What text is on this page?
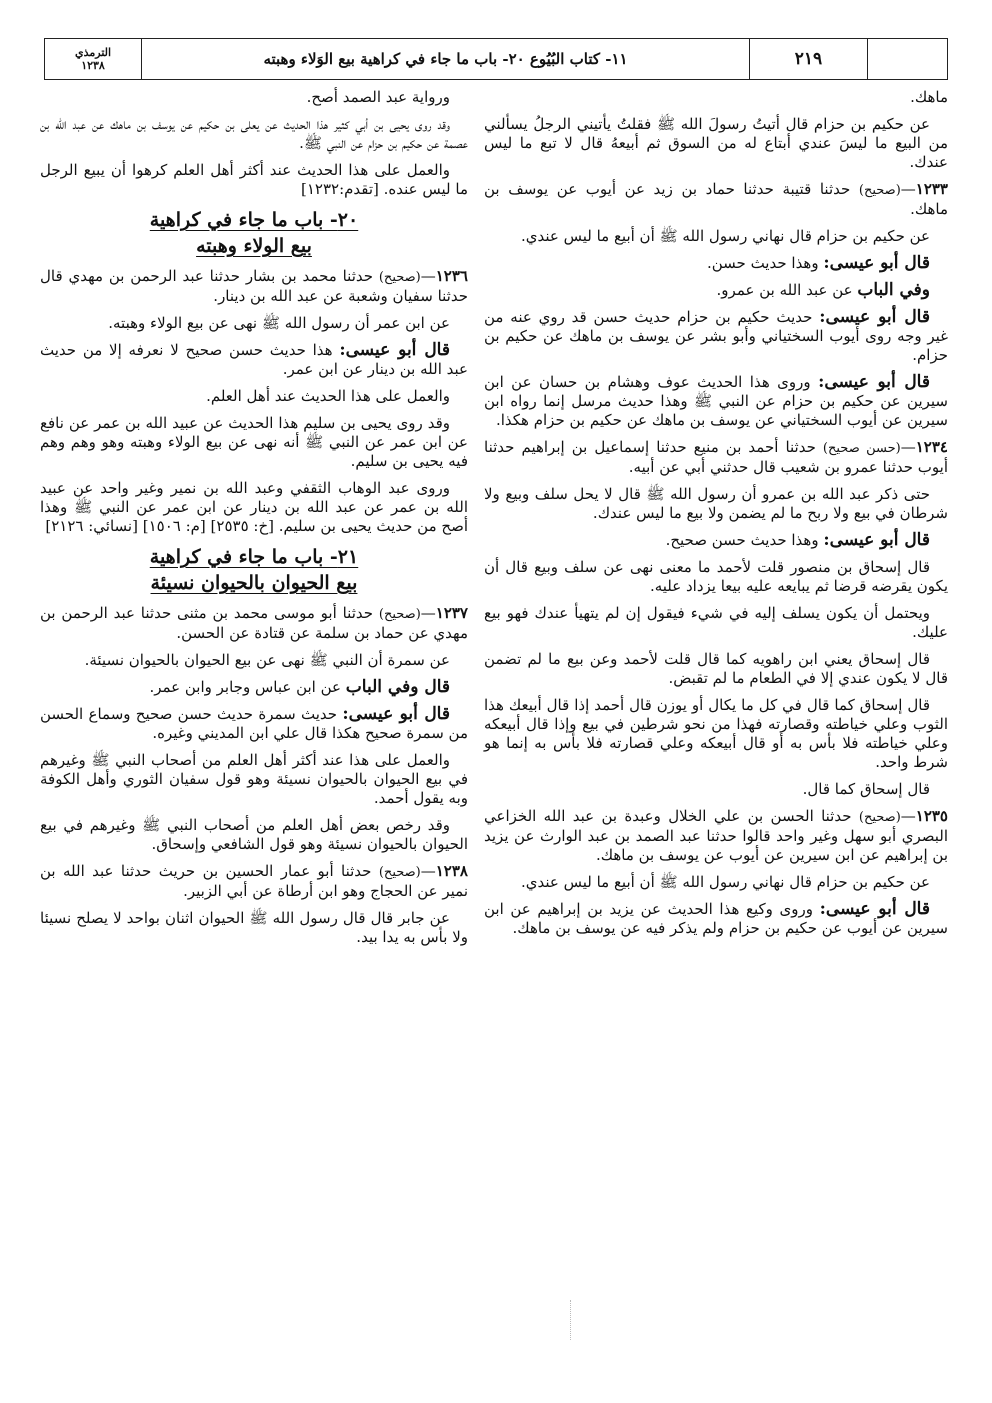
٢١٩
١١- كتاب البُيُوع ٢٠- باب ما جاء في كراهية بيع الوَلاء وهبته
الترمذي
١٢٣٨

ماهك.

عن حكيم بن حزام قال أتيتُ رسولَ الله ﷺ فقلتُ يأتيني الرجلُ يسألني من البيع ما ليسَ عندي أبتاع له من السوق ثم أبيعهُ قال لا تبع ما ليس عندك.

١٢٣٣—(صحيح) حدثنا قتيبة حدثنا حماد بن زيد عن أيوب عن يوسف بن ماهك.

عن حكيم بن حزام قال نهاني رسول الله ﷺ أن أبيع ما ليس عندي.

قال أبو عيسى: وهذا حديث حسن.

وفي الباب عن عبد الله بن عمرو.

قال أبو عيسى: حديث حكيم بن حزام حديث حسن قد روي عنه من غير وجه روى أيوب السختياني وأبو بشر عن يوسف بن ماهك عن حكيم بن حزام.

قال أبو عيسى: وروى هذا الحديث عوف وهشام بن حسان عن ابن سيرين عن حكيم بن حزام عن النبي ﷺ وهذا حديث مرسل إنما رواه ابن سيرين عن أيوب السختياني عن يوسف بن ماهك عن حكيم بن حزام هكذا.

١٢٣٤—(حسن صحيح) حدثنا أحمد بن منيع حدثنا إسماعيل بن إبراهيم حدثنا أيوب حدثنا عمرو بن شعيب قال حدثني أبي عن أبيه.

حتى ذكر عبد الله بن عمرو أن رسول الله ﷺ قال لا يحل سلف وبيع ولا شرطان في بيع ولا ربح ما لم يضمن ولا بيع ما ليس عندك.

قال أبو عيسى: وهذا حديث حسن صحيح.

قال إسحاق بن منصور قلت لأحمد ما معنى نهى عن سلف وبيع قال أن يكون يقرضه قرضا ثم يبايعه عليه بيعا يزداد عليه.

ويحتمل أن يكون يسلف إليه في شيء فيقول إن لم يتهيأ عندك فهو بيع عليك.

قال إسحاق يعني ابن راهويه كما قال قلت لأحمد وعن بيع ما لم تضمن قال لا يكون عندي إلا في الطعام ما لم تقبض.

قال إسحاق كما قال في كل ما يكال أو يوزن قال أحمد إذا قال أبيعك هذا الثوب وعلي خياطته وقصارته فهذا من نحو شرطين في بيع وإذا قال أبيعكه وعلي خياطته فلا بأس به أو قال أبيعكه وعلي قصارته فلا بأس به إنما هو شرط واحد.

قال إسحاق كما قال.

١٢٣٥—(صحيح) حدثنا الحسن بن علي الخلال وعبدة بن عبد الله الخزاعي البصري أبو سهل وغير واحد قالوا حدثنا عبد الصمد بن عبد الوارث عن يزيد بن إبراهيم عن ابن سيرين عن أيوب عن يوسف بن ماهك.

عن حكيم بن حزام قال نهاني رسول الله ﷺ أن أبيع ما ليس عندي.

قال أبو عيسى: وروى وكيع هذا الحديث عن يزيد بن إبراهيم عن ابن سيرين عن أيوب عن حكيم بن حزام ولم يذكر فيه عن يوسف بن ماهك.

ورواية عبد الصمد أصح.

وقد روى يحيى بن أبي كثير هذا الحديث عن يعلى بن حكيم عن يوسف بن ماهك عن عبد الله بن عصمة عن حكيم بن حزام عن النبي ﷺ.

والعمل على هذا الحديث عند أكثر أهل العلم كرهوا أن يبيع الرجل ما ليس عنده. [تقدم:١٢٣٢]

٢٠- باب ما جاء في كراهية
بيع الولاء وهبته

١٢٣٦—(صحيح) حدثنا محمد بن بشار حدثنا عبد الرحمن بن مهدي قال حدثنا سفيان وشعبة عن عبد الله بن دينار.

عن ابن عمر أن رسول الله ﷺ نهى عن بيع الولاء وهبته.

قال أبو عيسى: هذا حديث حسن صحيح لا نعرفه إلا من حديث عبد الله بن دينار عن ابن عمر.

والعمل على هذا الحديث عند أهل العلم.

وقد روى يحيى بن سليم هذا الحديث عن عبيد الله بن عمر عن نافع عن ابن عمر عن النبي ﷺ أنه نهى عن بيع الولاء وهبته وهو وهم وهم فيه يحيى بن سليم.

وروى عبد الوهاب الثقفي وعبد الله بن نمير وغير واحد عن عبيد الله بن عمر عن عبد الله بن دينار عن ابن عمر عن النبي ﷺ وهذا أصح من حديث يحيى بن سليم. [خ: ٢٥٣٥] [م: ١٥٠٦] [نسائي: ٢١٢٦]

٢١- باب ما جاء في كراهية
بيع الحيوان بالحيوان نسيئة

١٢٣٧—(صحيح) حدثنا أبو موسى محمد بن مثنى حدثنا عبد الرحمن بن مهدي عن حماد بن سلمة عن قتادة عن الحسن.

عن سمرة أن النبي ﷺ نهى عن بيع الحيوان بالحيوان نسيئة.

قال وفي الباب عن ابن عباس وجابر وابن عمر.

قال أبو عيسى: حديث سمرة حديث حسن صحيح وسماع الحسن من سمرة صحيح هكذا قال علي ابن المديني وغيره.

والعمل على هذا عند أكثر أهل العلم من أصحاب النبي ﷺ وغيرهم في بيع الحيوان بالحيوان نسيئة وهو قول سفيان الثوري وأهل الكوفة وبه يقول أحمد.

وقد رخص بعض أهل العلم من أصحاب النبي ﷺ وغيرهم في بيع الحيوان بالحيوان نسيئة وهو قول الشافعي وإسحاق.

١٢٣٨—(صحيح) حدثنا أبو عمار الحسين بن حريث حدثنا عبد الله بن نمير عن الحجاج وهو ابن أرطاة عن أبي الزبير.

عن جابر قال قال رسول الله ﷺ الحيوان اثنان بواحد لا يصلح نسيئا ولا بأس به يدا بيد.
